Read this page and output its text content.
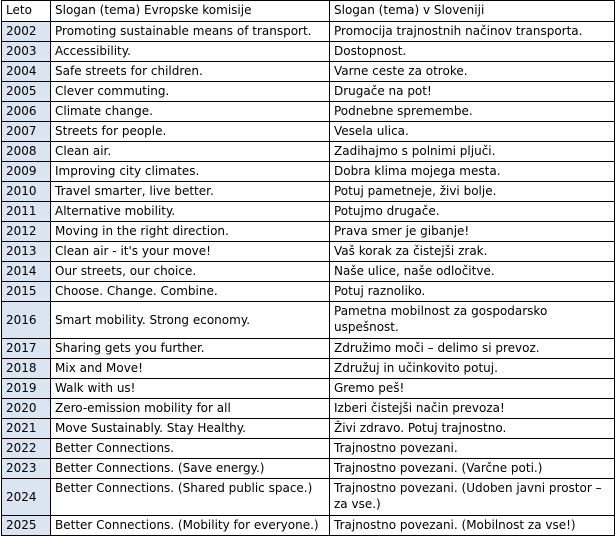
Leto	Slogan (tema) Evropske komisije	Slogan (tema) v Sloveniji
2002	Promoting sustainable means of transport.	Promocija trajnostnih načinov transporta.
2003	Accessibility.	Dostopnost.
2004	Safe streets for children.	Varne ceste za otroke.
2005	Clever commuting.	Drugače na pot!
2006	Climate change.	Podnebne spremembe.
2007	Streets for people.	Vesela ulica.
2008	Clean air.	Zadihajmo s polnimi pljuči.
2009	Improving city climates.	Dobra klima mojega mesta.
2010	Travel smarter, live better.	Potuj pametneje, živi bolje.
2011	Alternative mobility.	Potujmo drugače.
2012	Moving in the right direction.	Prava smer je gibanje!
2013	Clean air - it's your move!	Vaš korak za čistejši zrak.
2014	Our streets, our choice.	Naše ulice, naše odločitve.
2015	Choose. Change. Combine.	Potuj raznoliko.
2016	Smart mobility. Strong economy.	Pametna mobilnost za gospodarsko uspešnost.
2017	Sharing gets you further.	Združimo moči – delimo si prevoz.
2018	Mix and Move!	Združuj in učinkovito potuj.
2019	Walk with us!	Gremo peš!
2020	Zero-emission mobility for all	Izberi čistejši način prevoza!
2021	Move Sustainably. Stay Healthy.	Živi zdravo. Potuj trajnostno.
2022	Better Connections.	Trajnostno povezani.
2023	Better Connections. (Save energy.)	Trajnostno povezani. (Varčne poti.)
2024	Better Connections. (Shared public space.)	Trajnostno povezani. (Udoben javni prostor – za vse.)
2025	Better Connections. (Mobility for everyone.)	Trajnostno povezani. (Mobilnost za vse!)
